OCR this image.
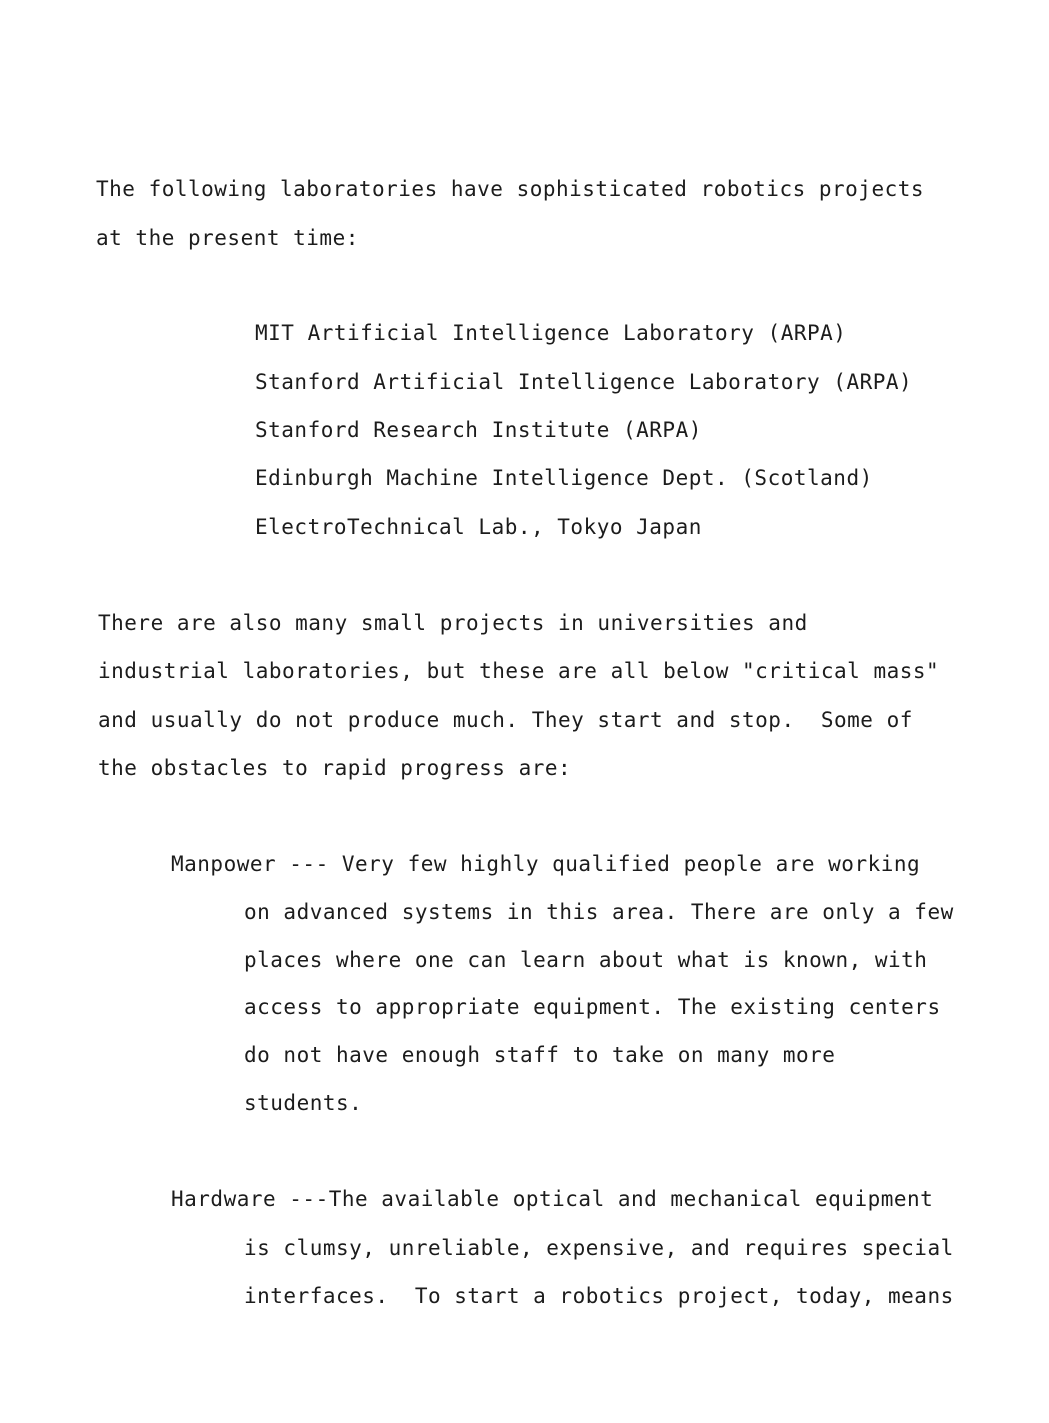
The following laboratories have sophisticated robotics projects
at the present time:
MIT Artificial Intelligence Laboratory (ARPA)
Stanford Artificial Intelligence Laboratory (ARPA)
Stanford Research Institute (ARPA)
Edinburgh Machine Intelligence Dept. (Scotland)
ElectroTechnical Lab., Tokyo Japan
There are also many small projects in universities and
industrial laboratories, but these are all below "critical mass"
and usually do not produce much. They start and stop.  Some of
the obstacles to rapid progress are:
Manpower --- Very few highly qualified people are working
on advanced systems in this area. There are only a few
places where one can learn about what is known, with
access to appropriate equipment. The existing centers
do not have enough staff to take on many more
students.
Hardware ---The available optical and mechanical equipment
is clumsy, unreliable, expensive, and requires special
interfaces.  To start a robotics project, today, means
